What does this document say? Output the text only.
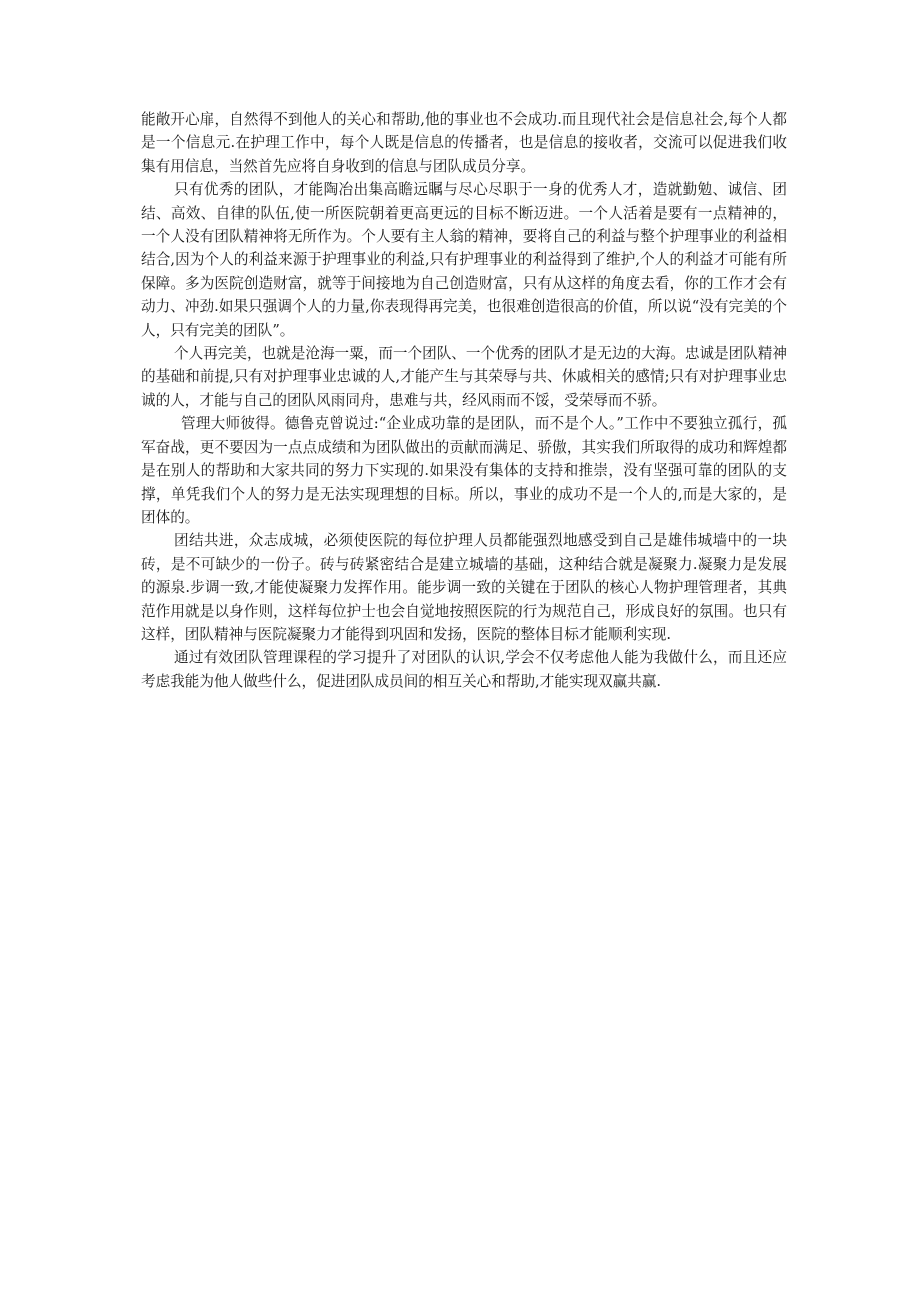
能敞开心扉，自然得不到他人的关心和帮助,他的事业也不会成功.而且现代社会是信息社会,每个人都是一个信息元.在护理工作中，每个人既是信息的传播者，也是信息的接收者，交流可以促进我们收集有用信息，当然首先应将自身收到的信息与团队成员分享。

只有优秀的团队，才能陶冶出集高瞻远瞩与尽心尽职于一身的优秀人才，造就勤勉、诚信、团结、高效、自律的队伍,使一所医院朝着更高更远的目标不断迈进。一个人活着是要有一点精神的，一个人没有团队精神将无所作为。个人要有主人翁的精神，要将自己的利益与整个护理事业的利益相结合,因为个人的利益来源于护理事业的利益,只有护理事业的利益得到了维护,个人的利益才可能有所保障。多为医院创造财富，就等于间接地为自己创造财富，只有从这样的角度去看，你的工作才会有动力、冲劲.如果只强调个人的力量,你表现得再完美，也很难创造很高的价值，所以说“没有完美的个人，只有完美的团队”。

个人再完美，也就是沧海一粟，而一个团队、一个优秀的团队才是无边的大海。忠诚是团队精神的基础和前提,只有对护理事业忠诚的人,才能产生与其荣辱与共、休戚相关的感情;只有对护理事业忠诚的人，才能与自己的团队风雨同舟，患难与共，经风雨而不馁，受荣辱而不骄。

管理大师彼得。德鲁克曾说过:“企业成功靠的是团队，而不是个人。”工作中不要独立孤行，孤军奋战，更不要因为一点点成绩和为团队做出的贡献而满足、骄傲，其实我们所取得的成功和辉煌都是在别人的帮助和大家共同的努力下实现的.如果没有集体的支持和推崇，没有坚强可靠的团队的支撑，单凭我们个人的努力是无法实现理想的目标。所以，事业的成功不是一个人的,而是大家的，是团体的。

团结共进，众志成城，必须使医院的每位护理人员都能强烈地感受到自己是雄伟城墙中的一块砖，是不可缺少的一份子。砖与砖紧密结合是建立城墙的基础，这种结合就是凝聚力.凝聚力是发展的源泉.步调一致,才能使凝聚力发挥作用。能步调一致的关键在于团队的核心人物护理管理者，其典范作用就是以身作则，这样每位护士也会自觉地按照医院的行为规范自己，形成良好的氛围。也只有这样，团队精神与医院凝聚力才能得到巩固和发扬，医院的整体目标才能顺利实现.

通过有效团队管理课程的学习提升了对团队的认识,学会不仅考虑他人能为我做什么，而且还应考虑我能为他人做些什么，促进团队成员间的相互关心和帮助,才能实现双赢共赢.
